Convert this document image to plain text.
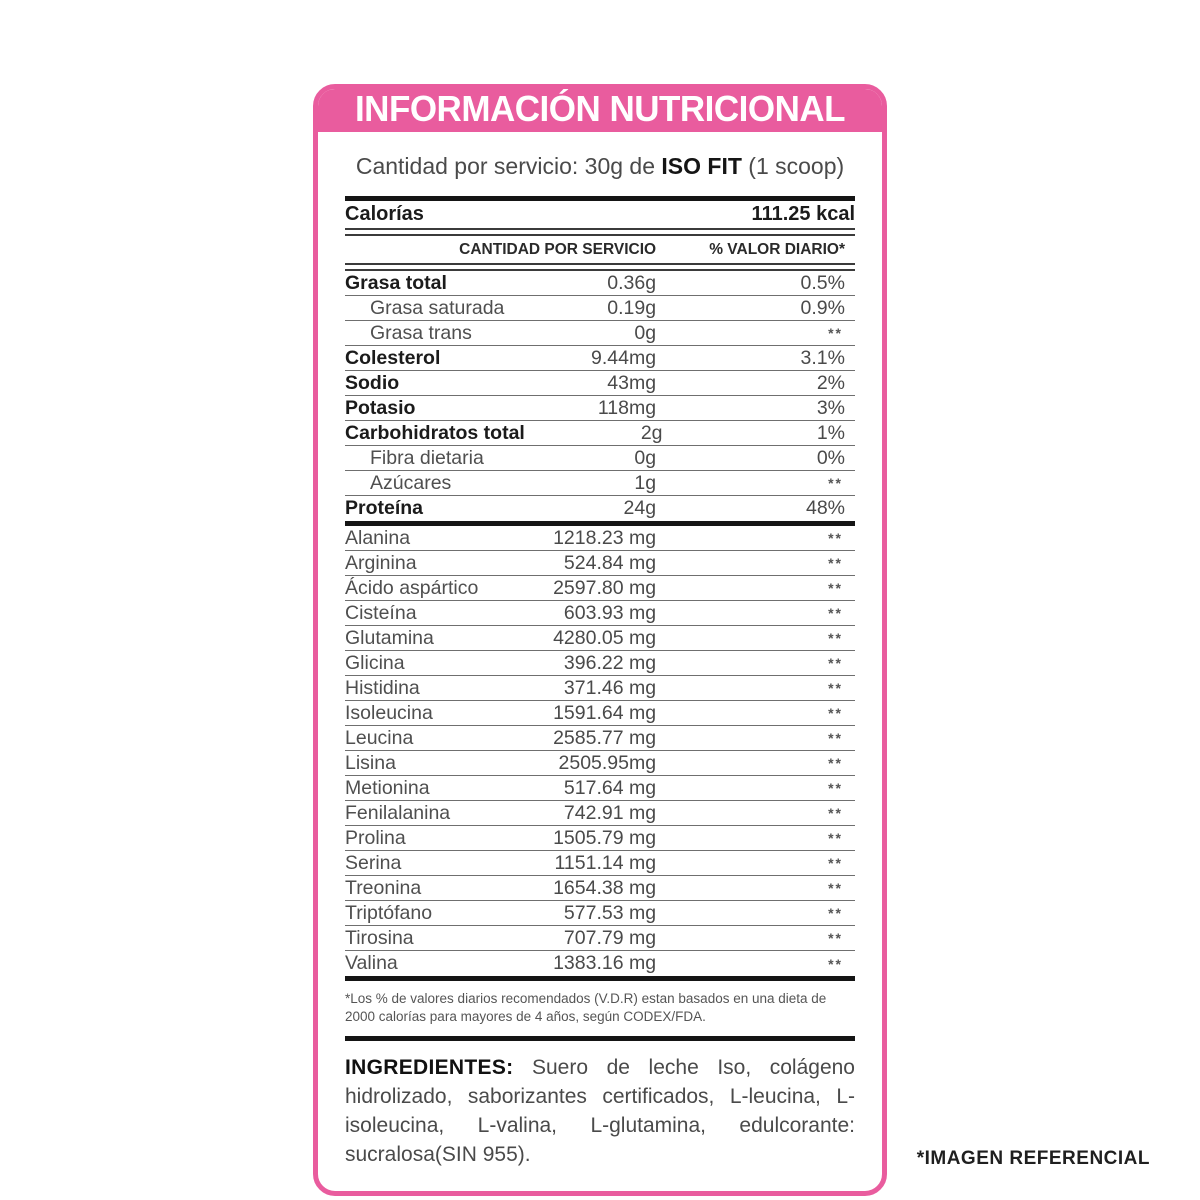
INFORMACIÓN NUTRICIONAL
Cantidad por servicio: 30g de ISO FIT (1 scoop)
Calorías	111.25 kcal
CANTIDAD POR SERVICIO	% VALOR DIARIO*
Grasa total	0.36g	0.5%
Grasa saturada	0.19g	0.9%
Grasa trans	0g	**
Colesterol	9.44mg	3.1%
Sodio	43mg	2%
Potasio	118mg	3%
Carbohidratos total	2g	1%
Fibra dietaria	0g	0%
Azúcares	1g	**
Proteína	24g	48%
Alanina	1218.23 mg	**
Arginina	524.84 mg	**
Ácido aspártico	2597.80 mg	**
Cisteína	603.93 mg	**
Glutamina	4280.05 mg	**
Glicina	396.22 mg	**
Histidina	371.46 mg	**
Isoleucina	1591.64 mg	**
Leucina	2585.77 mg	**
Lisina	2505.95mg	**
Metionina	517.64 mg	**
Fenilalanina	742.91 mg	**
Prolina	1505.79 mg	**
Serina	1151.14 mg	**
Treonina	1654.38 mg	**
Triptófano	577.53 mg	**
Tirosina	707.79 mg	**
Valina	1383.16 mg	**
*Los % de valores diarios recomendados (V.D.R) estan basados en una dieta de 2000 calorías para mayores de 4 años, según CODEX/FDA.

INGREDIENTES: Suero de leche Iso, colágeno hidrolizado, saborizantes certificados, L-leucina, L-isoleucina, L-valina, L-glutamina, edulcorante: sucralosa(SIN 955).	*IMAGEN REFERENCIAL
